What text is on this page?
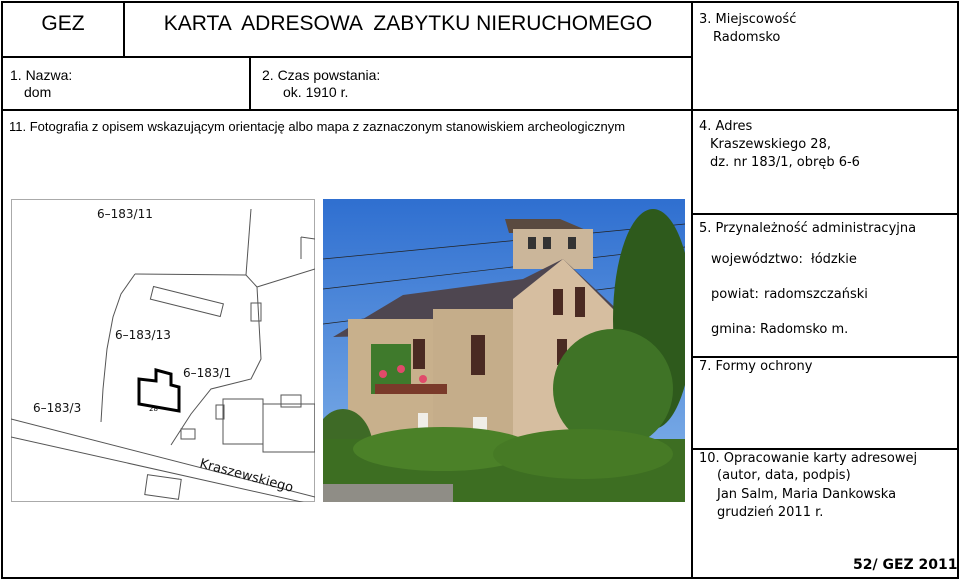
GEZ	KARTA  ADRESOWA  ZABYTKU NIERUCHOMEGO
1. Nazwa:
dom
2. Czas powstania:
ok. 1910 r.
3. Miejscowość
Radomsko
11. Fotografia z opisem wskazującym orientację albo mapa z zaznaczonym stanowiskiem archeologicznym	4. Adres
Kraszewskiego 28,
dz. nr 183/1, obręb 6-6
5. Przynależność administracyjna
województwo: łódzkie
powiat: radomszczański
gmina: Radomsko m.
7. Formy ochrony
10. Opracowanie karty adresowej
(autor, data, podpis)
Jan Salm, Maria Dankowska
grudzień 2011 r.
52/ GEZ 2011
28
6–183/11
6–183/13
6–183/1
6–183/3
Kraszewskiego
